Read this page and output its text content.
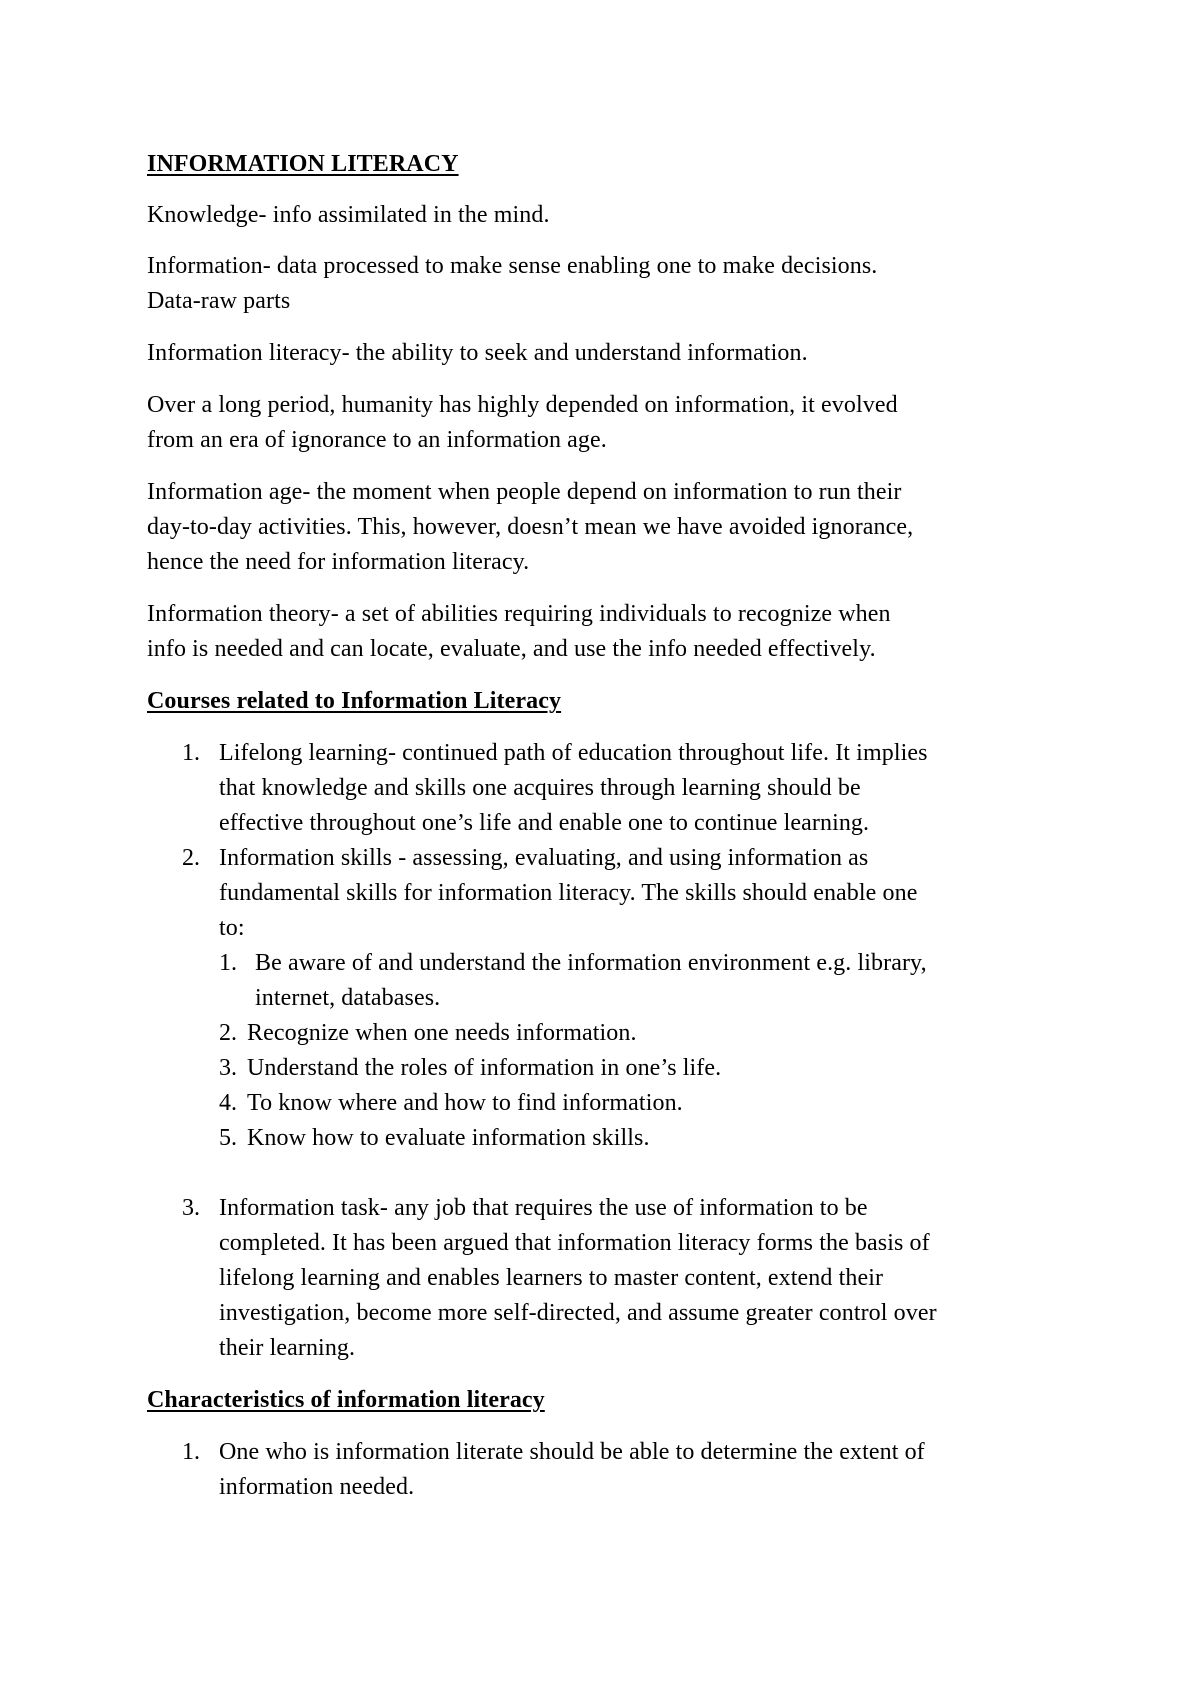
INFORMATION LITERACY
Knowledge- info assimilated in the mind.
Information- data processed to make sense enabling one to make decisions.
Data-raw parts
Information literacy- the ability to seek and understand information.
Over a long period, humanity has highly depended on information, it evolved
from an era of ignorance to an information age.
Information age- the moment when people depend on information to run their
day-to-day activities. This, however, doesn’t mean we have avoided ignorance,
hence the need for information literacy.
Information theory- a set of abilities requiring individuals to recognize when
info is needed and can locate, evaluate, and use the info needed effectively.
Courses related to Information Literacy
1. Lifelong learning- continued path of education throughout life. It implies
that knowledge and skills one acquires through learning should be
effective throughout one’s life and enable one to continue learning.
2. Information skills - assessing, evaluating, and using information as
fundamental skills for information literacy. The skills should enable one
to:
1. Be aware of and understand the information environment e.g. library,
internet, databases.
2. Recognize when one needs information.
3. Understand the roles of information in one’s life.
4. To know where and how to find information.
5. Know how to evaluate information skills.
3. Information task- any job that requires the use of information to be
completed. It has been argued that information literacy forms the basis of
lifelong learning and enables learners to master content, extend their
investigation, become more self-directed, and assume greater control over
their learning.
Characteristics of information literacy
1. One who is information literate should be able to determine the extent of
information needed.
